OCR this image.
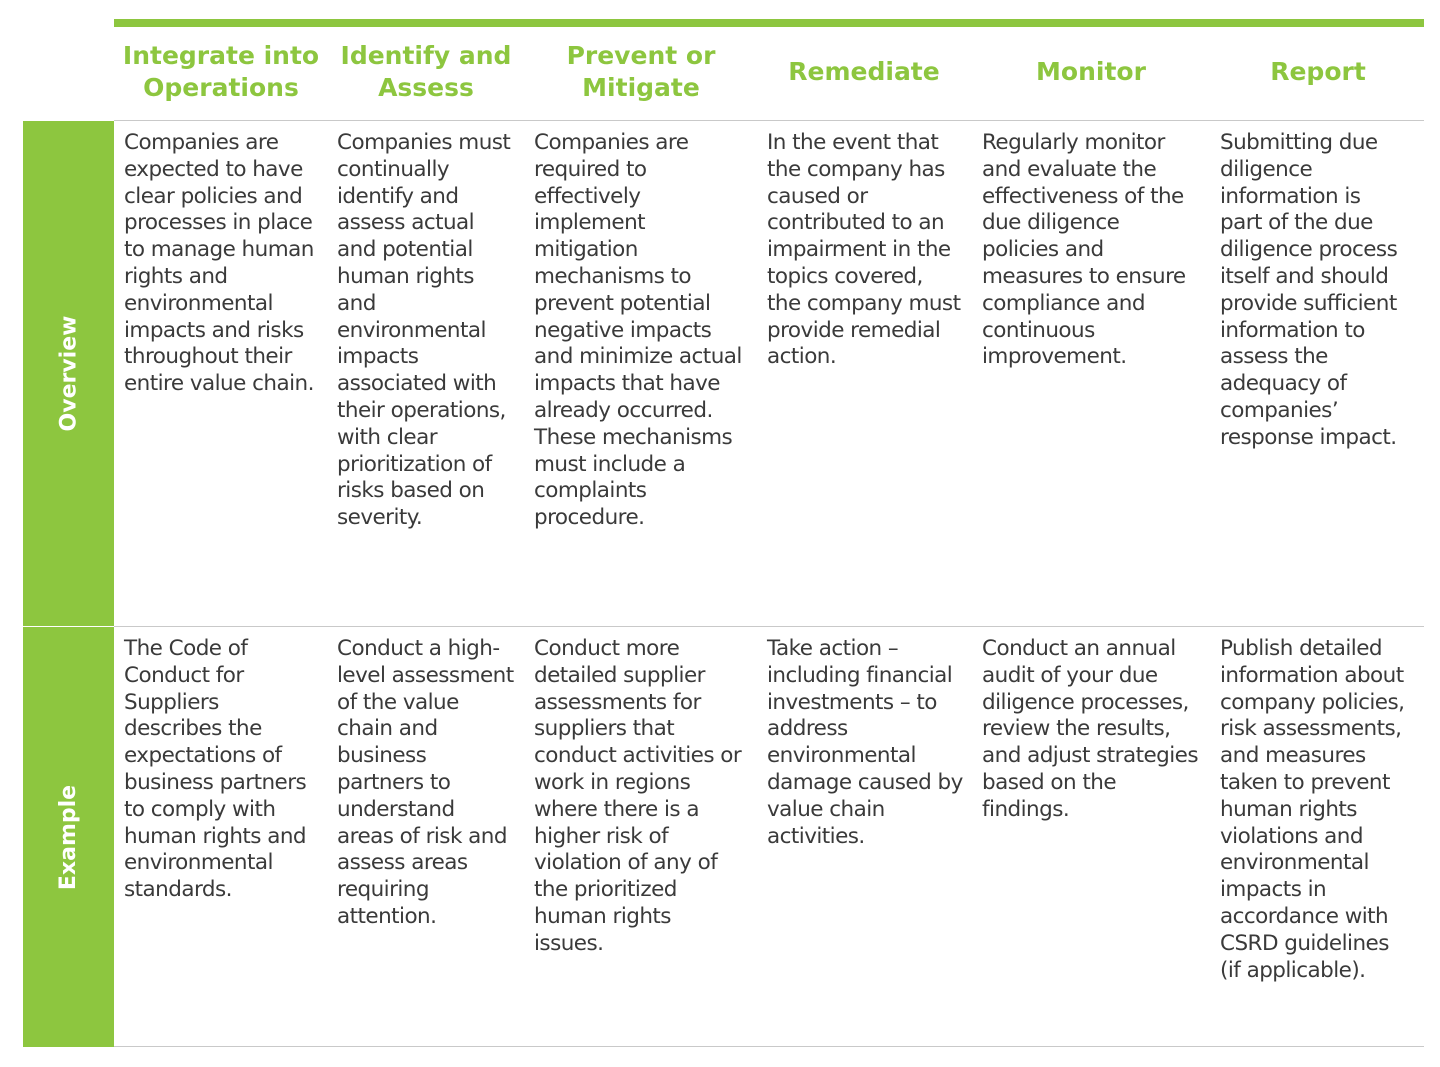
Integrate into
Operations
Identify and
Assess
Prevent or
Mitigate
Remediate	Monitor	Report
Overview
Example
Companies are
expected to have
clear policies and
processes in place
to manage human
rights and
environmental
impacts and risks
throughout their
entire value chain.
Companies must
continually
identify and
assess actual
and potential
human rights
and
environmental
impacts
associated with
their operations,
with clear
prioritization of
risks based on
severity.
Companies are
required to
effectively
implement
mitigation
mechanisms to
prevent potential
negative impacts
and minimize actual
impacts that have
already occurred.
These mechanisms
must include a
complaints
procedure.
In the event that
the company has
caused or
contributed to an
impairment in the
topics covered,
the company must
provide remedial
action.
Regularly monitor
and evaluate the
effectiveness of the
due diligence
policies and
measures to ensure
compliance and
continuous
improvement.
Submitting due
diligence
information is
part of the due
diligence process
itself and should
provide sufficient
information to
assess the
adequacy of
companies’
response impact.
The Code of
Conduct for
Suppliers
describes the
expectations of
business partners
to comply with
human rights and
environmental
standards.
Conduct a high-
level assessment
of the value
chain and
business
partners to
understand
areas of risk and
assess areas
requiring
attention.
Conduct more
detailed supplier
assessments for
suppliers that
conduct activities or
work in regions
where there is a
higher risk of
violation of any of
the prioritized
human rights
issues.
Take action –
including financial
investments – to
address
environmental
damage caused by
value chain
activities.
Conduct an annual
audit of your due
diligence processes,
review the results,
and adjust strategies
based on the
findings.
Publish detailed
information about
company policies,
risk assessments,
and measures
taken to prevent
human rights
violations and
environmental
impacts in
accordance with
CSRD guidelines
(if applicable).
